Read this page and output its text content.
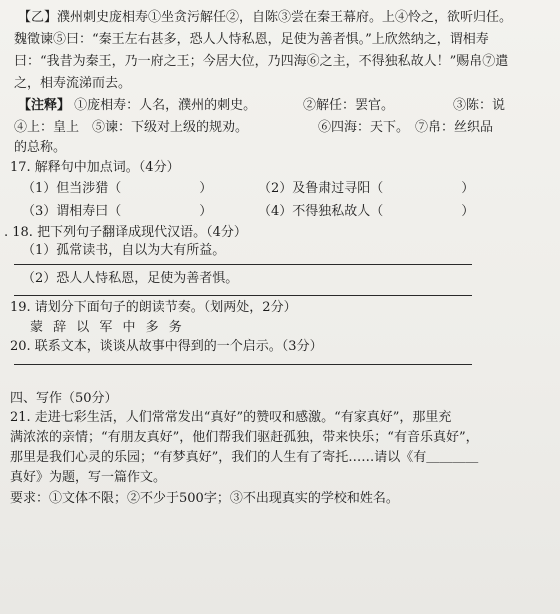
【乙】濮州刺史庞相寿①坐贪污解任②，自陈③尝在秦王幕府。上④怜之，欲听归任。
魏徵谏⑤曰：“秦王左右甚多，恐人人恃私恩，足使为善者惧。”上欣然纳之，谓相寿
曰：“我昔为秦王，乃一府之王；今居大位，乃四海⑥之主，不得独私故人！”赐帛⑦遣
之，相寿流涕而去。
【注释】 ①庞相寿：人名，濮州的刺史。	②解任：罢官。	③陈：说
④上：皇上 ⑤谏：下级对上级的规劝。	⑥四海：天下。 ⑦帛：丝织品
的总称。
17. 解释句中加点词。（4分）
（1）但当涉猎（　　　　　　）	（2）及鲁肃过寻阳（　　　　　　）
（3）谓相寿曰（　　　　　　）	（4）不得独私故人（　　　　　　）
. 18. 把下列句子翻译成现代汉语。（4分）
（1）孤常读书，自以为大有所益。
（2）恐人人恃私恩，足使为善者惧。
19. 请划分下面句子的朗读节奏。（划两处，2分）
蒙 辞 以 军 中 多 务
20. 联系文本，谈谈从故事中得到的一个启示。（3分）
四、写作（50分）
21. 走进七彩生活，人们常常发出“真好”的赞叹和感激。“有家真好”，那里充
满浓浓的亲情；“有朋友真好”，他们帮我们驱赶孤独，带来快乐；“有音乐真好”，
那里是我们心灵的乐园；“有梦真好”，我们的人生有了寄托……请以《有＿＿＿＿
真好》为题，写一篇作文。
要求：①文体不限；②不少于500字；③不出现真实的学校和姓名。
